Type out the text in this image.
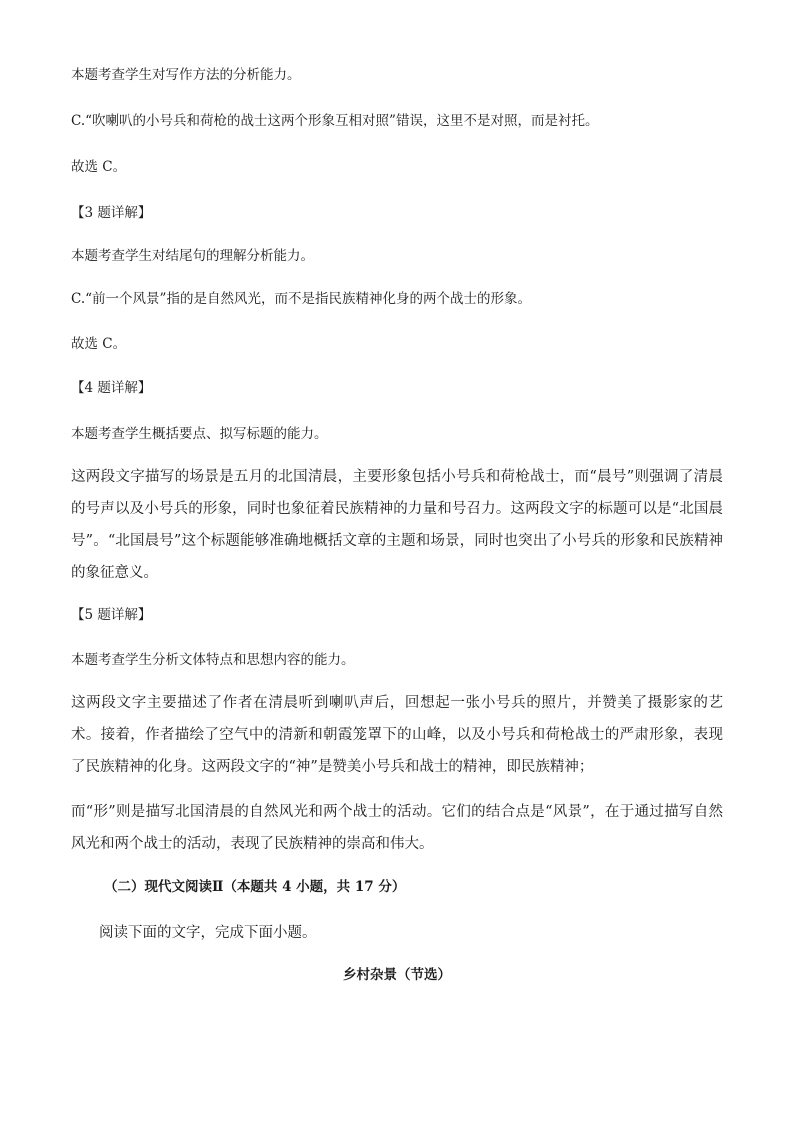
本题考查学生对写作方法的分析能力。
C.“吹喇叭的小号兵和荷枪的战士这两个形象互相对照”错误，这里不是对照，而是衬托。
故选 C。
【3 题详解】
本题考查学生对结尾句的理解分析能力。
C.“前一个风景”指的是自然风光，而不是指民族精神化身的两个战士的形象。
故选 C。
【4 题详解】
本题考查学生概括要点、拟写标题的能力。
这两段文字描写的场景是五月的北国清晨，主要形象包括小号兵和荷枪战士，而“晨号”则强调了清晨的号声以及小号兵的形象，同时也象征着民族精神的力量和号召力。这两段文字的标题可以是“北国晨号”。“北国晨号”这个标题能够准确地概括文章的主题和场景，同时也突出了小号兵的形象和民族精神的象征意义。
【5 题详解】
本题考查学生分析文体特点和思想内容的能力。
这两段文字主要描述了作者在清晨听到喇叭声后，回想起一张小号兵的照片，并赞美了摄影家的艺术。接着，作者描绘了空气中的清新和朝霞笼罩下的山峰，以及小号兵和荷枪战士的严肃形象，表现了民族精神的化身。这两段文字的“神”是赞美小号兵和战士的精神，即民族精神；
而“形”则是描写北国清晨的自然风光和两个战士的活动。它们的结合点是“风景”，在于通过描写自然风光和两个战士的活动，表现了民族精神的崇高和伟大。
（二）现代文阅读Ⅱ（本题共 4 小题，共 17 分）
阅读下面的文字，完成下面小题。
乡村杂景（节选）
